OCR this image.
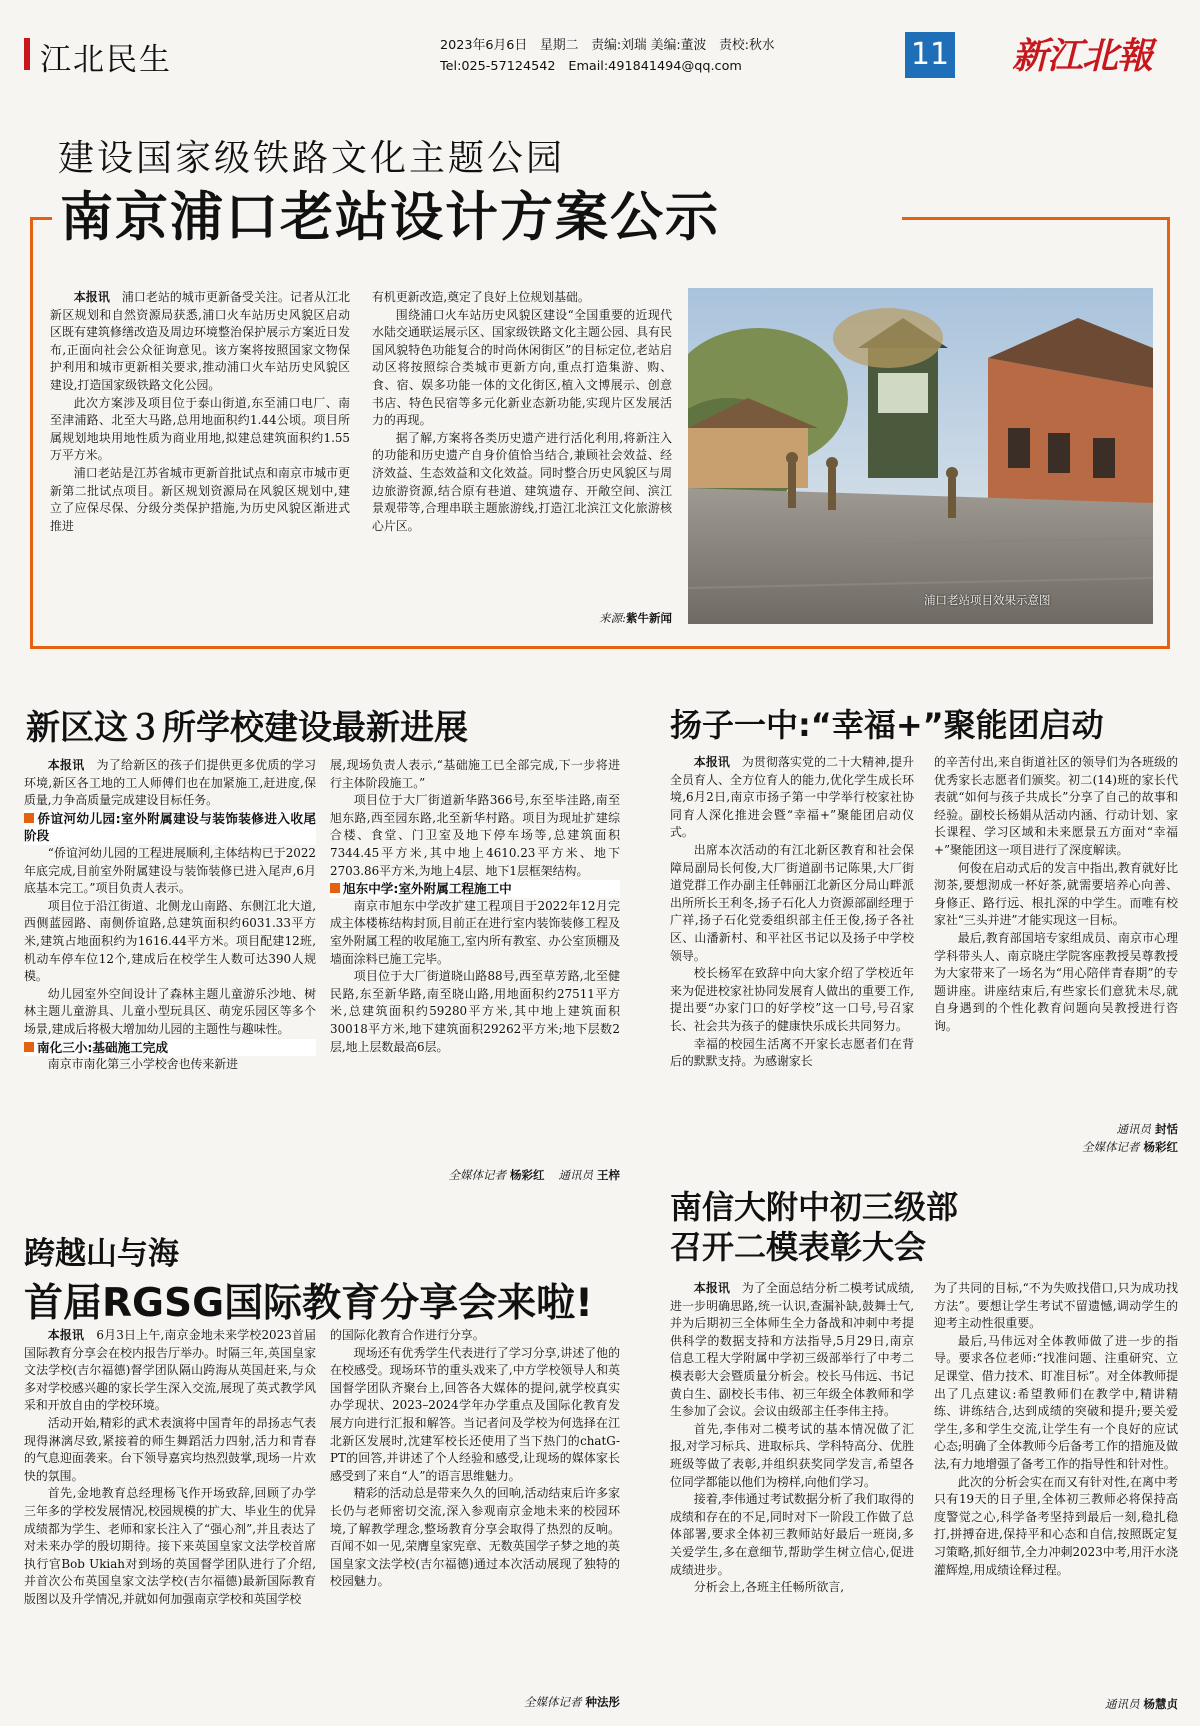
江北民生	2023年6月6日　星期二　责编:刘瑞 美编:董波　责校:秋水
Tel:025-57124542　Email:491841494@qq.com	11 新江北報
建设国家级铁路文化主题公园
南京浦口老站设计方案公示

本报讯　 浦口老站的城市更新备受关注。记者从江北新区规划和自然资源局获悉,浦口火车站历史风貌区启动区既有建筑修缮改造及周边环境整治保护展示方案近日发布,正面向社会公众征询意见。该方案将按照国家文物保护利用和城市更新相关要求,推动浦口火车站历史风貌区建设,打造国家级铁路文化公园。

此次方案涉及项目位于泰山街道,东至浦口电厂、南至津浦路、北至大马路,总用地面积约1.44公顷。项目所属规划地块用地性质为商业用地,拟建总建筑面积约1.55万平方米。

浦口老站是江苏省城市更新首批试点和南京市城市更新第二批试点项目。新区规划资源局在风貌区规划中,建立了应保尽保、分级分类保护措施,为历史风貌区渐进式推进

有机更新改造,奠定了良好上位规划基础。

围绕浦口火车站历史风貌区建设“全国重要的近现代水陆交通联运展示区、国家级铁路文化主题公园、具有民国风貌特色功能复合的时尚休闲街区”的目标定位,老站启动区将按照综合类城市更新方向,重点打造集游、购、食、宿、娱多功能一体的文化街区,植入文博展示、创意书店、特色民宿等多元化新业态新功能,实现片区发展活力的再现。

据了解,方案将各类历史遗产进行活化利用,将新注入的功能和历史遗产自身价值恰当结合,兼顾社会效益、经济效益、生态效益和文化效益。同时整合历史风貌区与周边旅游资源,结合原有巷道、建筑遗存、开敞空间、滨江景观带等,合理串联主题旅游线,打造江北滨江文化旅游核心片区。

来源:紫牛新闻
浦口老站项目效果示意图
新区这３所学校建设最新进展

本报讯　 为了给新区的孩子们提供更多优质的学习环境,新区各工地的工人师傅们也在加紧施工,赶进度,保质量,力争高质量完成建设目标任务。

侨谊河幼儿园:室外附属建设与装饰装修进入收尾阶段

“侨谊河幼儿园的工程进展顺利,主体结构已于2022年底完成,目前室外附属建设与装饰装修已进入尾声,6月底基本完工。”项目负责人表示。

项目位于沿江街道、北侧龙山南路、东侧江北大道,西侧蓝园路、南侧侨谊路,总建筑面积约6031.33平方米,建筑占地面积约为1616.44平方米。项目配建12班,机动车停车位12个,建成后在校学生人数可达390人规模。

幼儿园室外空间设计了森林主题儿童游乐沙地、树林主题儿童游具、儿童小型玩具区、萌宠乐园区等多个场景,建成后将极大增加幼儿园的主题性与趣味性。

南化三小:基础施工完成

南京市南化第三小学校舍也传来新进

展,现场负责人表示,“基础施工已全部完成,下一步将进行主体阶段施工。”

项目位于大厂街道新华路366号,东至毕洼路,南至旭东路,西至园东路,北至新华村路。项目为现址扩建综合楼、食堂、门卫室及地下停车场等,总建筑面积7344.45平方米,其中地上4610.23平方米、地下2703.86平方米,为地上4层、地下1层框架结构。

旭东中学:室外附属工程施工中

南京市旭东中学改扩建工程项目于2022年12月完成主体楼栋结构封顶,目前正在进行室内装饰装修工程及室外附属工程的收尾施工,室内所有教室、办公室顶棚及墙面涂料已施工完毕。

项目位于大厂街道晓山路88号,西至草芳路,北至健民路,东至新华路,南至晓山路,用地面积约27511平方米,总建筑面积约59280平方米,其中地上建筑面积30018平方米,地下建筑面积29262平方米;地下层数2层,地上层数最高6层。

全媒体记者 杨彩红 通讯员 王梓
扬子一中:“幸福+”聚能团启动

本报讯　 为贯彻落实党的二十大精神,提升全员育人、全方位育人的能力,优化学生成长环境,6月2日,南京市扬子第一中学举行校家社协同育人深化推进会暨“幸福+”聚能团启动仪式。

出席本次活动的有江北新区教育和社会保障局副局长何俊,大厂街道副书记陈果,大厂街道党群工作办副主任韩丽江北新区分局山畔派出所所长王利冬,扬子石化人力资源部副经理于广祥,扬子石化党委组织部主任王俊,扬子各社区、山潘新村、和平社区书记以及扬子中学校领导。

校长杨军在致辞中向大家介绍了学校近年来为促进校家社协同发展育人做出的重要工作,提出要“办家门口的好学校”这一口号,号召家长、社会共为孩子的健康快乐成长共同努力。

幸福的校园生活离不开家长志愿者们在背后的默默支持。为感谢家长

的辛苦付出,来自街道社区的领导们为各班级的优秀家长志愿者们颁奖。初二(14)班的家长代表就“如何与孩子共成长”分享了自己的故事和经验。副校长杨娟从活动内涵、行动计划、家长课程、学习区域和未来愿景五方面对“幸福+”聚能团这一项目进行了深度解读。

何俊在启动式后的发言中指出,教育就好比沏茶,要想沏成一杯好茶,就需要培养心向善、身修正、路行远、根扎深的中学生。而唯有校家社“三头并进”才能实现这一目标。

最后,教育部国培专家组成员、南京市心理学科带头人、南京晓庄学院客座教授吴尊教授为大家带来了一场名为“用心陪伴青春期”的专题讲座。讲座结束后,有些家长们意犹未尽,就自身遇到的个性化教育问题向吴教授进行咨询。

通讯员 封恬
全媒体记者 杨彩红
跨越山与海
首届RGSG国际教育分享会来啦!

本报讯　 6月3日上午,南京金地未来学校2023首届国际教育分享会在校内报告厅举办。时隔三年,英国皇家文法学校(吉尔福德)督学团队隔山跨海从英国赶来,与众多对学校感兴趣的家长学生深入交流,展现了英式教学风采和开放自由的学校环境。

活动开始,精彩的武术表演将中国青年的昂扬志气表现得淋漓尽致,紧接着的师生舞蹈活力四射,活力和青春的气息迎面袭来。台下领导嘉宾均热烈鼓掌,现场一片欢快的氛围。

首先,金地教育总经理杨飞作开场致辞,回顾了办学三年多的学校发展情况,校园规模的扩大、毕业生的优异成绩都为学生、老师和家长注入了“强心剂”,并且表达了对未来办学的殷切期待。接下来英国皇家文法学校首席执行官Bob Ukiah对到场的英国督学团队进行了介绍,并首次公布英国皇家文法学校(吉尔福德)最新国际教育版图以及升学情况,并就如何加强南京学校和英国学校

的国际化教育合作进行分享。

现场还有优秀学生代表进行了学习分享,讲述了他的在校感受。现场环节的重头戏来了,中方学校领导人和英国督学团队齐聚台上,回答各大媒体的提问,就学校真实办学现状、2023–2024学年办学重点及国际化教育发展方向进行汇报和解答。当记者问及学校为何选择在江北新区发展时,沈建军校长还使用了当下热门的chatG-PT的回答,并讲述了个人经验和感受,让现场的媒体家长感受到了来自“人”的语言思维魅力。

精彩的活动总是带来久久的回响,活动结束后许多家长仍与老师密切交流,深入参观南京金地未来的校园环境,了解教学理念,整场教育分享会取得了热烈的反响。百闻不如一见,荣膺皇家宪章、无数英国学子梦之地的英国皇家文法学校(吉尔福德)通过本次活动展现了独特的校园魅力。

全媒体记者 种法彤
南信大附中初三级部
召开二模表彰大会

本报讯　 为了全面总结分析二模考试成绩,进一步明确思路,统一认识,查漏补缺,鼓舞士气,并为后期初三全体师生全力备战和冲刺中考提供科学的数据支持和方法指导,5月29日,南京信息工程大学附属中学初三级部举行了中考二模表彰大会暨质量分析会。校长马伟远、书记黄白生、副校长韦伟、初三年级全体教师和学生参加了会议。会议由级部主任李伟主持。

首先,李伟对二模考试的基本情况做了汇报,对学习标兵、进取标兵、学科特高分、优胜班级等做了表彰,并组织获奖同学发言,希望各位同学都能以他们为榜样,向他们学习。

接着,李伟通过考试数据分析了我们取得的成绩和存在的不足,同时对下一阶段工作做了总体部署,要求全体初三教师站好最后一班岗,多关爱学生,多在意细节,帮助学生树立信心,促进成绩进步。

分析会上,各班主任畅所欲言,

为了共同的目标,“不为失败找借口,只为成功找方法”。要想让学生考试不留遗憾,调动学生的迎考主动性很重要。

最后,马伟远对全体教师做了进一步的指导。要求各位老师:“找准问题、注重研究、立足课堂、借力技术、盯准目标”。对全体教师提出了几点建议:希望教师们在教学中,精讲精练、讲练结合,达到成绩的突破和提升;要关爱学生,多和学生交流,让学生有一个良好的应试心态;明确了全体教师今后备考工作的措施及做法,有力地增强了备考工作的指导性和针对性。

此次的分析会实在而又有针对性,在离中考只有19天的日子里,全体初三教师必将保持高度警觉之心,科学备考坚持到最后一刻,稳扎稳打,拼搏奋进,保持平和心态和自信,按照既定复习策略,抓好细节,全力冲刺2023中考,用汗水浇灌辉煌,用成绩诠释过程。

通讯员 杨慧贞
